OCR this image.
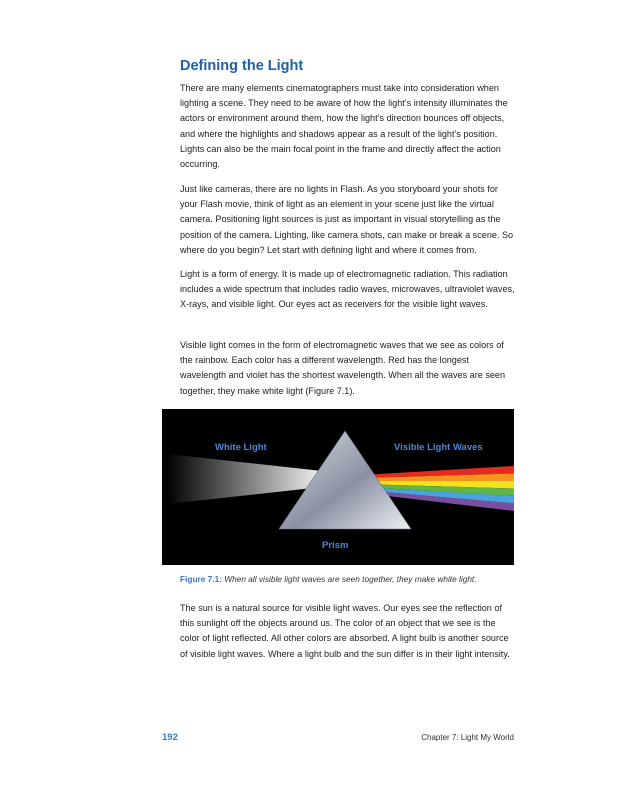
Defining the Light

There are many elements cinematographers must take into consideration when lighting a scene. They need to be aware of how the light’s intensity illuminates the actors or environment around them, how the light’s direction bounces off objects, and where the highlights and shadows appear as a result of the light’s position. Lights can also be the main focal point in the frame and directly affect the action occurring.

Just like cameras, there are no lights in Flash. As you storyboard your shots for your Flash movie, think of light as an element in your scene just like the virtual camera. Positioning light sources is just as important in visual storytelling as the position of the camera. Lighting, like camera shots, can make or break a scene. So where do you begin? Let start with defining light and where it comes from.

Light is a form of energy. It is made up of electromagnetic radiation. This radiation includes a wide spectrum that includes radio waves, microwaves, ultraviolet waves, X-rays, and visible light. Our eyes act as receivers for the visible light waves.

Visible light comes in the form of electromagnetic waves that we see as colors of the rainbow. Each color has a different wavelength. Red has the longest wavelength and violet has the shortest wavelength. When all the waves are seen together, they make white light (Figure 7.1).

White Light	Visible Light Waves

Prism

Figure 7.1: When all visible light waves are seen together, they make white light.

The sun is a natural source for visible light waves. Our eyes see the reflection of this sunlight off the objects around us. The color of an object that we see is the color of light reflected. All other colors are absorbed. A light bulb is another source of visible light waves. Where a light bulb and the sun differ is in their light intensity.

192	Chapter 7: Light My World
